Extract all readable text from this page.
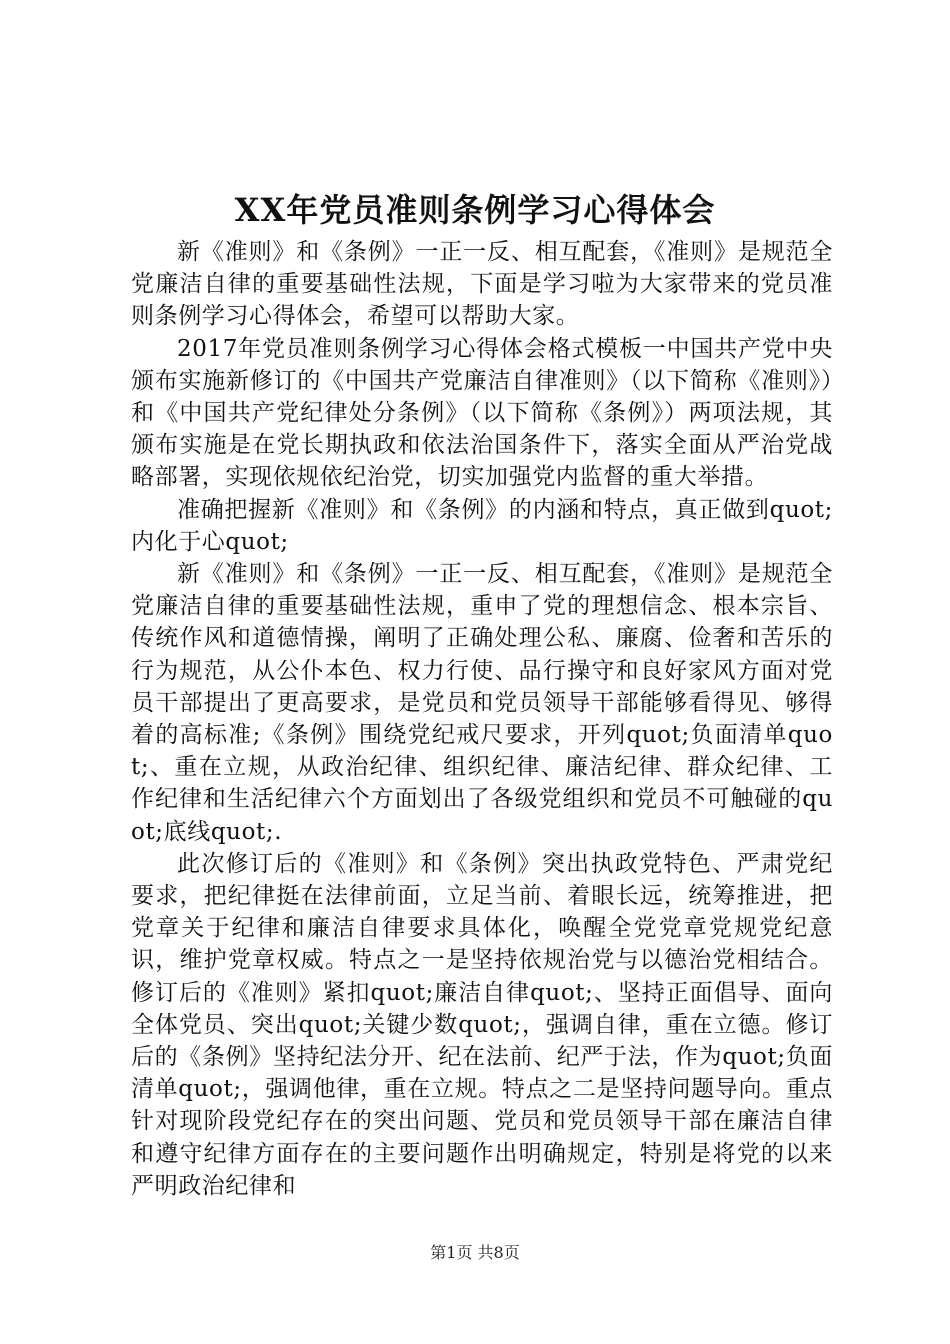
XX年党员准则条例学习心得体会

新《准则》和《条例》一正一反、相互配套，《准则》是规范全党廉洁自律的重要基础性法规，下面是学习啦为大家带来的党员准则条例学习心得体会，希望可以帮助大家。

2017年党员准则条例学习心得体会格式模板一中国共产党中央颁布实施新修订的《中国共产党廉洁自律准则》（以下简称《准则》）和《中国共产党纪律处分条例》（以下简称《条例》）两项法规，其颁布实施是在党长期执政和依法治国条件下，落实全面从严治党战略部署，实现依规依纪治党，切实加强党内监督的重大举措。

准确把握新《准则》和《条例》的内涵和特点，真正做到quot;内化于心quot;

新《准则》和《条例》一正一反、相互配套，《准则》是规范全党廉洁自律的重要基础性法规，重申了党的理想信念、根本宗旨、传统作风和道德情操，阐明了正确处理公私、廉腐、俭奢和苦乐的行为规范，从公仆本色、权力行使、品行操守和良好家风方面对党员干部提出了更高要求，是党员和党员领导干部能够看得见、够得着的高标准;《条例》围绕党纪戒尺要求，开列quot;负面清单quot;、重在立规，从政治纪律、组织纪律、廉洁纪律、群众纪律、工作纪律和生活纪律六个方面划出了各级党组织和党员不可触碰的quot;底线quot;.

此次修订后的《准则》和《条例》突出执政党特色、严肃党纪要求，把纪律挺在法律前面，立足当前、着眼长远，统筹推进，把党章关于纪律和廉洁自律要求具体化，唤醒全党党章党规党纪意识，维护党章权威。特点之一是坚持依规治党与以德治党相结合。修订后的《准则》紧扣quot;廉洁自律quot;、坚持正面倡导、面向全体党员、突出quot;关键少数quot;，强调自律，重在立德。修订后的《条例》坚持纪法分开、纪在法前、纪严于法，作为quot;负面清单quot;，强调他律，重在立规。特点之二是坚持问题导向。重点针对现阶段党纪存在的突出问题、党员和党员领导干部在廉洁自律和遵守纪律方面存在的主要问题作出明确规定，特别是将党的以来严明政治纪律和

第1页 共8页
